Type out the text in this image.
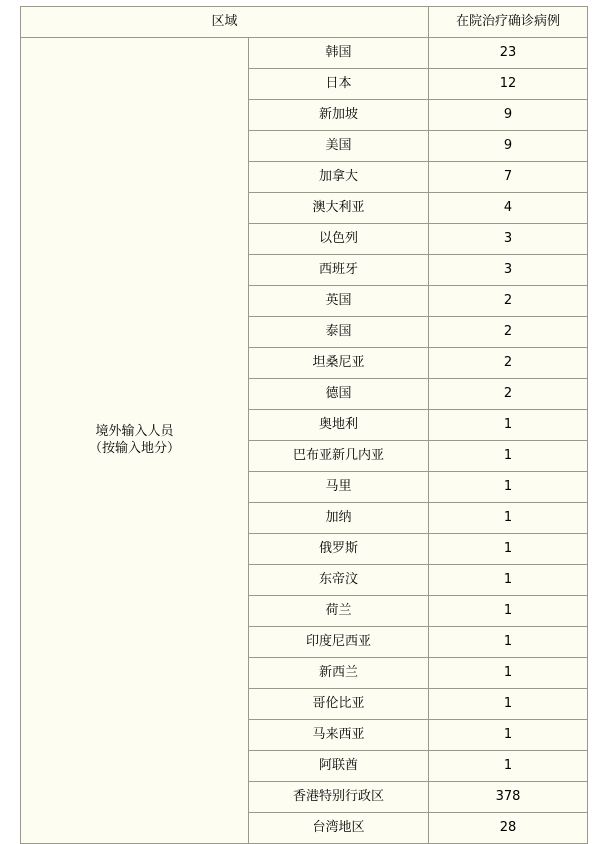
区域		在院治疗确诊病例
境外输入人员
（按输入地分）	韩国	23
	日本	12
	新加坡	9
	美国	9
	加拿大	7
	澳大利亚	4
	以色列	3
	西班牙	3
	英国	2
	泰国	2
	坦桑尼亚	2
	德国	2
	奥地利	1
	巴布亚新几内亚	1
	马里	1
	加纳	1
	俄罗斯	1
	东帝汶	1
	荷兰	1
	印度尼西亚	1
	新西兰	1
	哥伦比亚	1
	马来西亚	1
	阿联酋	1
	香港特别行政区	378
	台湾地区	28
